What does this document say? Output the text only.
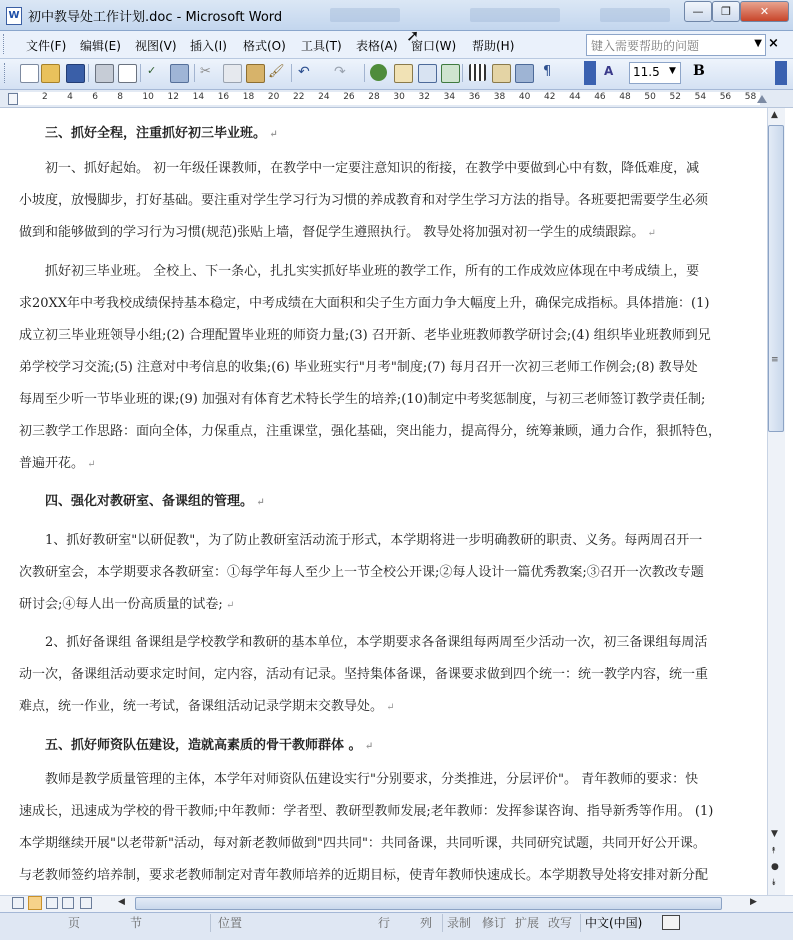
W 初中教导处工作计划.doc - Microsoft Word	—	❐	✕
文件(F) 编辑(E) 视图(V) 插入(I) 格式(O) 工具(T) 表格(A) 窗口(W) 帮助(H)
➚
键入需要帮助的问题	▼ ×
✓	✂	🖌 ↶	↷	¶	A	11.5 ▼ B
2 4 6 8 10 12 14 16 18 20 22 24 26 28 30 32 34 36 38 40 42 44 46 48 50 52 54 56 58
三、抓好全程，注重抓好初三毕业班。 ↵
初一、抓好起始。 初一年级任课教师，在教学中一定要注意知识的衔接，在教学中要做到心中有数，降低难度，减
小坡度，放慢脚步，打好基础。要注重对学生学习行为习惯的养成教育和对学生学习方法的指导。各班要把需要学生必须
做到和能够做到的学习行为习惯(规范)张贴上墙，督促学生遵照执行。 教导处将加强对初一学生的成绩跟踪。 ↵
抓好初三毕业班。 全校上、下一条心，扎扎实实抓好毕业班的教学工作，所有的工作成效应体现在中考成绩上，要
求20XX年中考我校成绩保持基本稳定，中考成绩在大面积和尖子生方面力争大幅度上升，确保完成指标。具体措施：(1)
成立初三毕业班领导小组;(2) 合理配置毕业班的师资力量;(3) 召开新、老毕业班教师教学研讨会;(4) 组织毕业班教师到兄
弟学校学习交流;(5) 注意对中考信息的收集;(6) 毕业班实行"月考"制度;(7) 每月召开一次初三老师工作例会;(8) 教导处
每周至少听一节毕业班的课;(9) 加强对有体育艺术特长学生的培养;(10)制定中考奖惩制度，与初三老师签订教学责任制;
初三教学工作思路：面向全体，力保重点，注重课堂，强化基础，突出能力，提高得分，统筹兼顾，通力合作，狠抓特色，
普遍开花。 ↵
四、强化对教研室、备课组的管理。 ↵
1、抓好教研室"以研促教"，为了防止教研室活动流于形式，本学期将进一步明确教研的职责、义务。每两周召开一
次教研室会，本学期要求各教研室：①每学年每人至少上一节全校公开课;②每人设计一篇优秀教案;③召开一次教改专题
研讨会;④每人出一份高质量的试卷; ↵
2、抓好备课组 备课组是学校教学和教研的基本单位，本学期要求各备课组每两周至少活动一次，初三备课组每周活
动一次，备课组活动要求定时间，定内容，活动有记录。坚持集体备课，备课要求做到四个统一：统一教学内容，统一重
难点，统一作业，统一考试，备课组活动记录学期末交教导处。 ↵
五、抓好师资队伍建设，造就高素质的骨干教师群体 。 ↵
教师是教学质量管理的主体，本学年对师资队伍建设实行"分别要求，分类推进，分层评价"。 青年教师的要求：快
速成长，迅速成为学校的骨干教师;中年教师：学者型、教研型教师发展;老年教师：发挥参谋咨询、指导新秀等作用。 (1)
本学期继续开展"以老带新"活动，每对新老教师做到"四共同"：共同备课，共同听课，共同研究试题，共同开好公开课。
与老教师签约培养制，要求老教师制定对青年教师培养的近期目标，使青年教师快速成长。本学期教导处将安排对新分配
▲
≡
▼
⯭
●
⯯
◀	▶
页	节	位置	行 列 录制 修订 扩展 改写 中文(中国)
